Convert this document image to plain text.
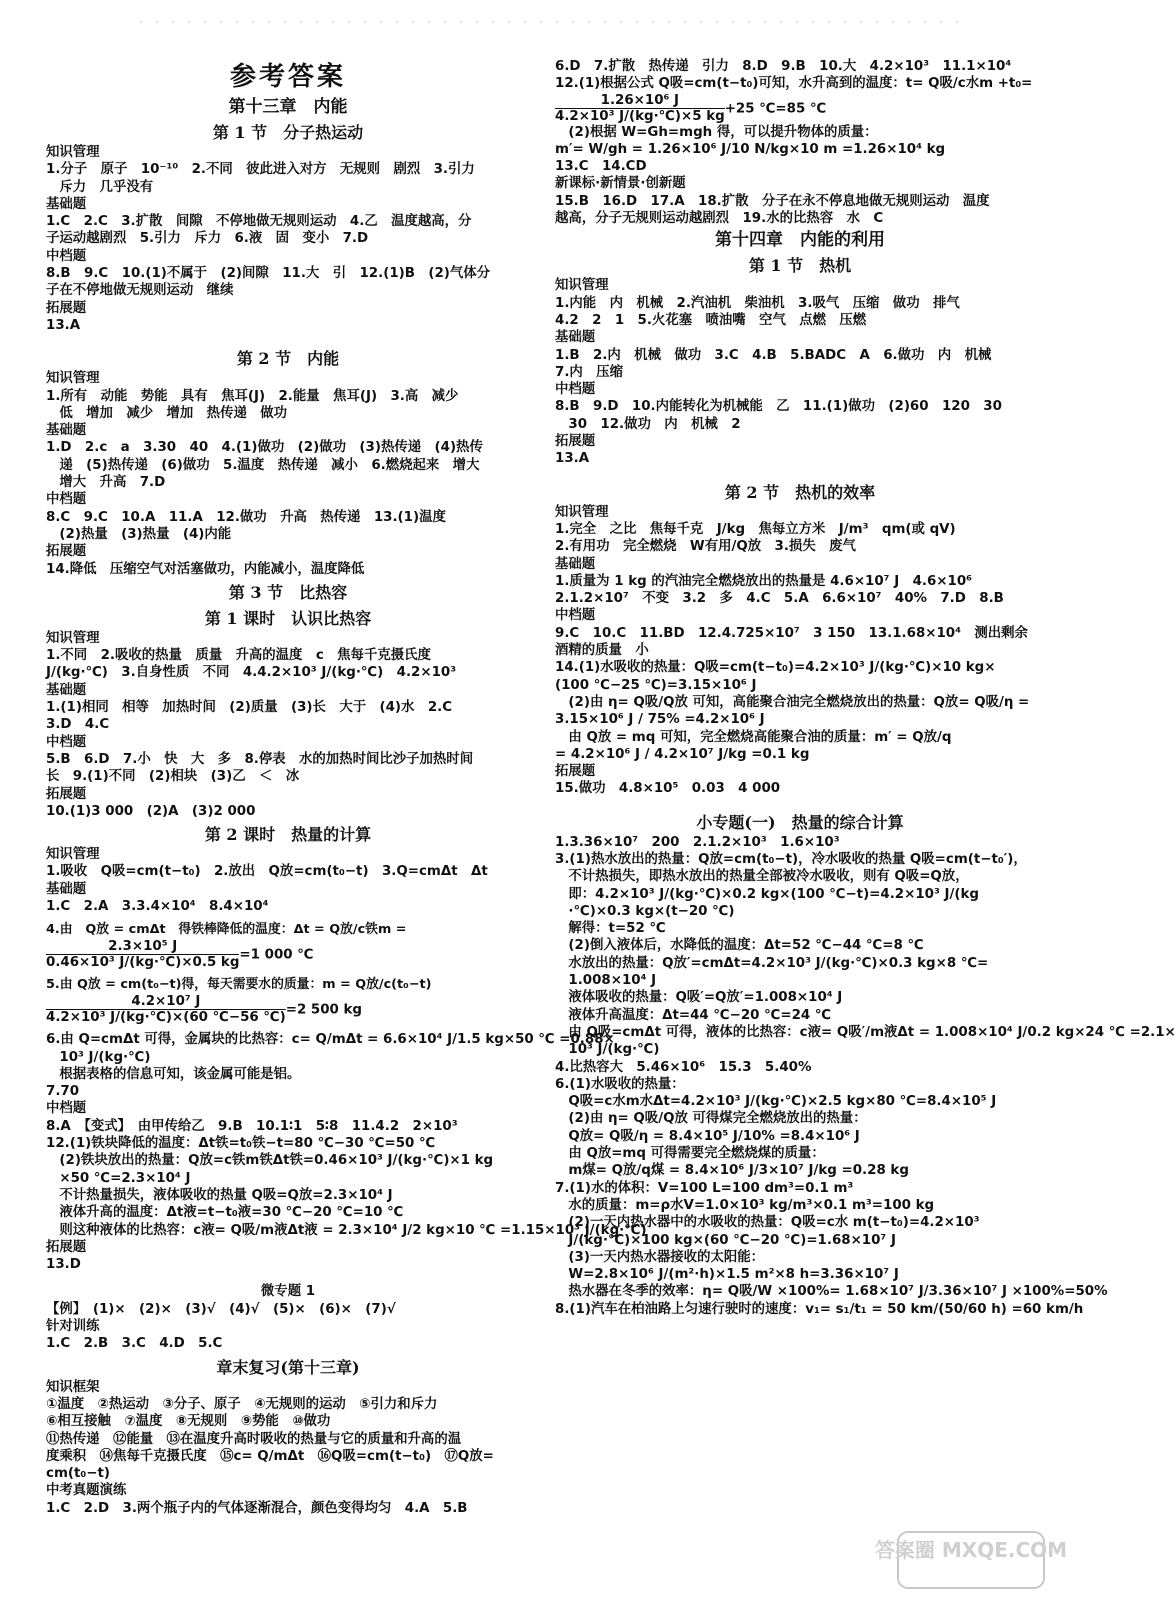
参考答案
第十三章　内能
第 1 节　分子热运动
知识管理
1.分子　原子　10⁻¹⁰　2.不同　彼此进入对方　无规则　剧烈　3.引力
　斥力　几乎没有
基础题
1.C　2.C　3.扩散　间隙　不停地做无规则运动　4.乙　温度越高，分
子运动越剧烈　5.引力　斥力　6.液　固　变小　7.D
中档题
8.B　9.C　10.(1)不属于　(2)间隙　11.大　引　12.(1)B　(2)气体分
子在不停地做无规则运动　继续
拓展题
13.A
第 2 节　内能
知识管理
1.所有　动能　势能　具有　焦耳(J)　2.能量　焦耳(J)　3.高　减少
　低　增加　减少　增加　热传递　做功
基础题
1.D　2.c　a　3.30　40　4.(1)做功　(2)做功　(3)热传递　(4)热传
　递　(5)热传递　(6)做功　5.温度　热传递　减小　6.燃烧起来　增大
　增大　升高　7.D
中档题
8.C　9.C　10.A　11.A　12.做功　升高　热传递　13.(1)温度
　(2)热量　(3)热量　(4)内能
拓展题
14.降低　压缩空气对活塞做功，内能减小，温度降低
第 3 节　比热容
第 1 课时　认识比热容
知识管理
1.不同　2.吸收的热量　质量　升高的温度　c　焦每千克摄氏度
J/(kg·℃)　3.自身性质　不同　4.4.2×10³ J/(kg·℃)　4.2×10³
基础题
1.(1)相同　相等　加热时间　(2)质量　(3)长　大于　(4)水　2.C
3.D　4.C
中档题
5.B　6.D　7.小　快　大　多　8.停表　水的加热时间比沙子加热时间
长　9.(1)不同　(2)相块　(3)乙　＜　冰
拓展题
10.(1)3 000　(2)A　(3)2 000
第 2 课时　热量的计算
知识管理
1.吸收　Q吸=cm(t−t₀)　2.放出　Q放=cm(t₀−t)　3.Q=cmΔt　Δt
基础题
1.C　2.A　3.3.4×10⁴　8.4×10⁴
4.由　Q放 = cmΔt　得铁棒降低的温度：Δt = Q放/c铁m =
$\frac{\text{2.3×10⁵ J}}{\text{0.46×10³ J/(kg·℃)×0.5 kg}} =1$ 000 ℃
5.由 Q放 = cm(t₀−t)得，每天需要水的质量：m = Q放/c(t₀−t)
$\frac{\text{4.2×10⁷ J}}{\text{4.2×10³ J/(kg·℃)×(60 ℃−56 ℃)}} =2$ 500 kg
6.由 Q=cmΔt 可得，金属块的比热容：c= Q/mΔt = 6.6×10⁴ J/1.5 kg×50 ℃ =0.88×
　10³ J/(kg·℃)
　根据表格的信息可知，该金属可能是铝。
7.70
中档题
8.A　【变式】　由甲传给乙　9.B　10.1∶1　5∶8　11.4.2　2×10³
12.(1)铁块降低的温度：Δt铁=t₀铁−t=80 ℃−30 ℃=50 ℃
　(2)铁块放出的热量：Q放=c铁m铁Δt铁=0.46×10³ J/(kg·℃)×1 kg
　×50 ℃=2.3×10⁴ J
　不计热量损失，液体吸收的热量 Q吸=Q放=2.3×10⁴ J
　液体升高的温度：Δt液=t−t₀液=30 ℃−20 ℃=10 ℃
　则这种液体的比热容：c液= Q吸/m液Δt液 = 2.3×10⁴ J/2 kg×10 ℃ =1.15×10³ J/(kg·℃)
拓展题
13.D
微专题 1
【例】　(1)×　(2)×　(3)√　(4)√　(5)×　(6)×　(7)√
针对训练
1.C　2.B　3.C　4.D　5.C
章末复习(第十三章)
知识框架
①温度　②热运动　③分子、原子　④无规则的运动　⑤引力和斥力
⑥相互接触　⑦温度　⑧无规则　⑨势能　⑩做功
⑪热传递　⑫能量　⑬在温度升高时吸收的热量与它的质量和升高的温
度乘积　⑭焦每千克摄氏度　⑮c= Q/mΔt　⑯Q吸=cm(t−t₀)　⑰Q放=
cm(t₀−t)
中考真题演练
1.C　2.D　3.两个瓶子内的气体逐渐混合，颜色变得均匀　4.A　5.B
6.D　7.扩散　热传递　引力　8.D　9.B　10.大　4.2×10³　11.1×10⁴
12.(1)根据公式 Q吸=cm(t−t₀)可知，水升高到的温度：t= Q吸/c水m +t₀=
$\frac{\text{1.26×10⁶ J}}{\text{4.2×10³ J/(kg·℃)×5 kg}} +25$ ℃=85 ℃
　(2)根据 W=Gh=mgh 得，可以提升物体的质量：
m′= W/gh = 1.26×10⁶ J/10 N/kg×10 m =1.26×10⁴ kg
13.C　14.CD
新课标·新情景·创新题
15.B　16.D　17.A　18.扩散　分子在永不停息地做无规则运动　温度
越高，分子无规则运动越剧烈　19.水的比热容　水　C
第十四章　内能的利用
第 1 节　热机
知识管理
1.内能　内　机械　2.汽油机　柴油机　3.吸气　压缩　做功　排气
4.2　2　1　5.火花塞　喷油嘴　空气　点燃　压燃
基础题
1.B　2.内　机械　做功　3.C　4.B　5.BADC　A　6.做功　内　机械
7.内　压缩
中档题
8.B　9.D　10.内能转化为机械能　乙　11.(1)做功　(2)60　120　30
　30　12.做功　内　机械　2
拓展题
13.A
第 2 节　热机的效率
知识管理
1.完全　之比　焦每千克　J/kg　焦每立方米　J/m³　qm(或 qV)
2.有用功　完全燃烧　W有用/Q放　3.损失　废气
基础题
1.质量为 1 kg 的汽油完全燃烧放出的热量是 4.6×10⁷ J　4.6×10⁶
2.1.2×10⁷　不变　3.2　多　4.C　5.A　6.6×10⁷　40%　7.D　8.B
中档题
9.C　10.C　11.BD　12.4.725×10⁷　3 150　13.1.68×10⁴　测出剩余
酒精的质量　小
14.(1)水吸收的热量：Q吸=cm(t−t₀)=4.2×10³ J/(kg·℃)×10 kg×
(100 ℃−25 ℃)=3.15×10⁶ J
　(2)由 η= Q吸/Q放 可知，高能聚合油完全燃烧放出的热量：Q放= Q吸/η =
3.15×10⁶ J / 75% =4.2×10⁶ J
　由 Q放 = mq 可知，完全燃烧高能聚合油的质量：m′ = Q放/q
= 4.2×10⁶ J / 4.2×10⁷ J/kg =0.1 kg
拓展题
15.做功　4.8×10⁵　0.03　4 000
小专题(一)　热量的综合计算
1.3.36×10⁷　200　2.1.2×10³　1.6×10³
3.(1)热水放出的热量：Q放=cm(t₀−t)，冷水吸收的热量 Q吸=cm(t−t₀′)，
　不计热损失，即热水放出的热量全部被冷水吸收，则有 Q吸=Q放，
　即：4.2×10³ J/(kg·℃)×0.2 kg×(100 ℃−t)=4.2×10³ J/(kg
　·℃)×0.3 kg×(t−20 ℃)
　解得：t=52 ℃
　(2)倒入液体后，水降低的温度：Δt=52 ℃−44 ℃=8 ℃
　水放出的热量：Q放′=cmΔt=4.2×10³ J/(kg·℃)×0.3 kg×8 ℃=
　1.008×10⁴ J
　液体吸收的热量：Q吸′=Q放′=1.008×10⁴ J
　液体升高温度：Δt=44 ℃−20 ℃=24 ℃
　由 Q吸=cmΔt 可得，液体的比热容：c液= Q吸′/m液Δt = 1.008×10⁴ J/0.2 kg×24 ℃ =2.1×
　10³ J/(kg·℃)
4.比热容大　5.46×10⁶　15.3　5.40%
6.(1)水吸收的热量：
　Q吸=c水m水Δt=4.2×10³ J/(kg·℃)×2.5 kg×80 ℃=8.4×10⁵ J
　(2)由 η= Q吸/Q放 可得煤完全燃烧放出的热量：
　Q放= Q吸/η = 8.4×10⁵ J/10% =8.4×10⁶ J
　由 Q放=mq 可得需要完全燃烧煤的质量：
　m煤= Q放/q煤 = 8.4×10⁶ J/3×10⁷ J/kg =0.28 kg
7.(1)水的体积：V=100 L=100 dm³=0.1 m³
　水的质量：m=ρ水V=1.0×10³ kg/m³×0.1 m³=100 kg
　(2)一天内热水器中的水吸收的热量：Q吸=c水 m(t−t₀)=4.2×10³
　J/(kg·℃)×100 kg×(60 ℃−20 ℃)=1.68×10⁷ J
　(3)一天内热水器接收的太阳能：
　W=2.8×10⁶ J/(m²·h)×1.5 m²×8 h=3.36×10⁷ J
　热水器在冬季的效率：η= Q吸/W ×100%= 1.68×10⁷ J/3.36×10⁷ J ×100%=50%
8.(1)汽车在柏油路上匀速行驶时的速度：v₁= s₁/t₁ = 50 km/(50/60 h) =60 km/h
答案圈 MXQE.COM
